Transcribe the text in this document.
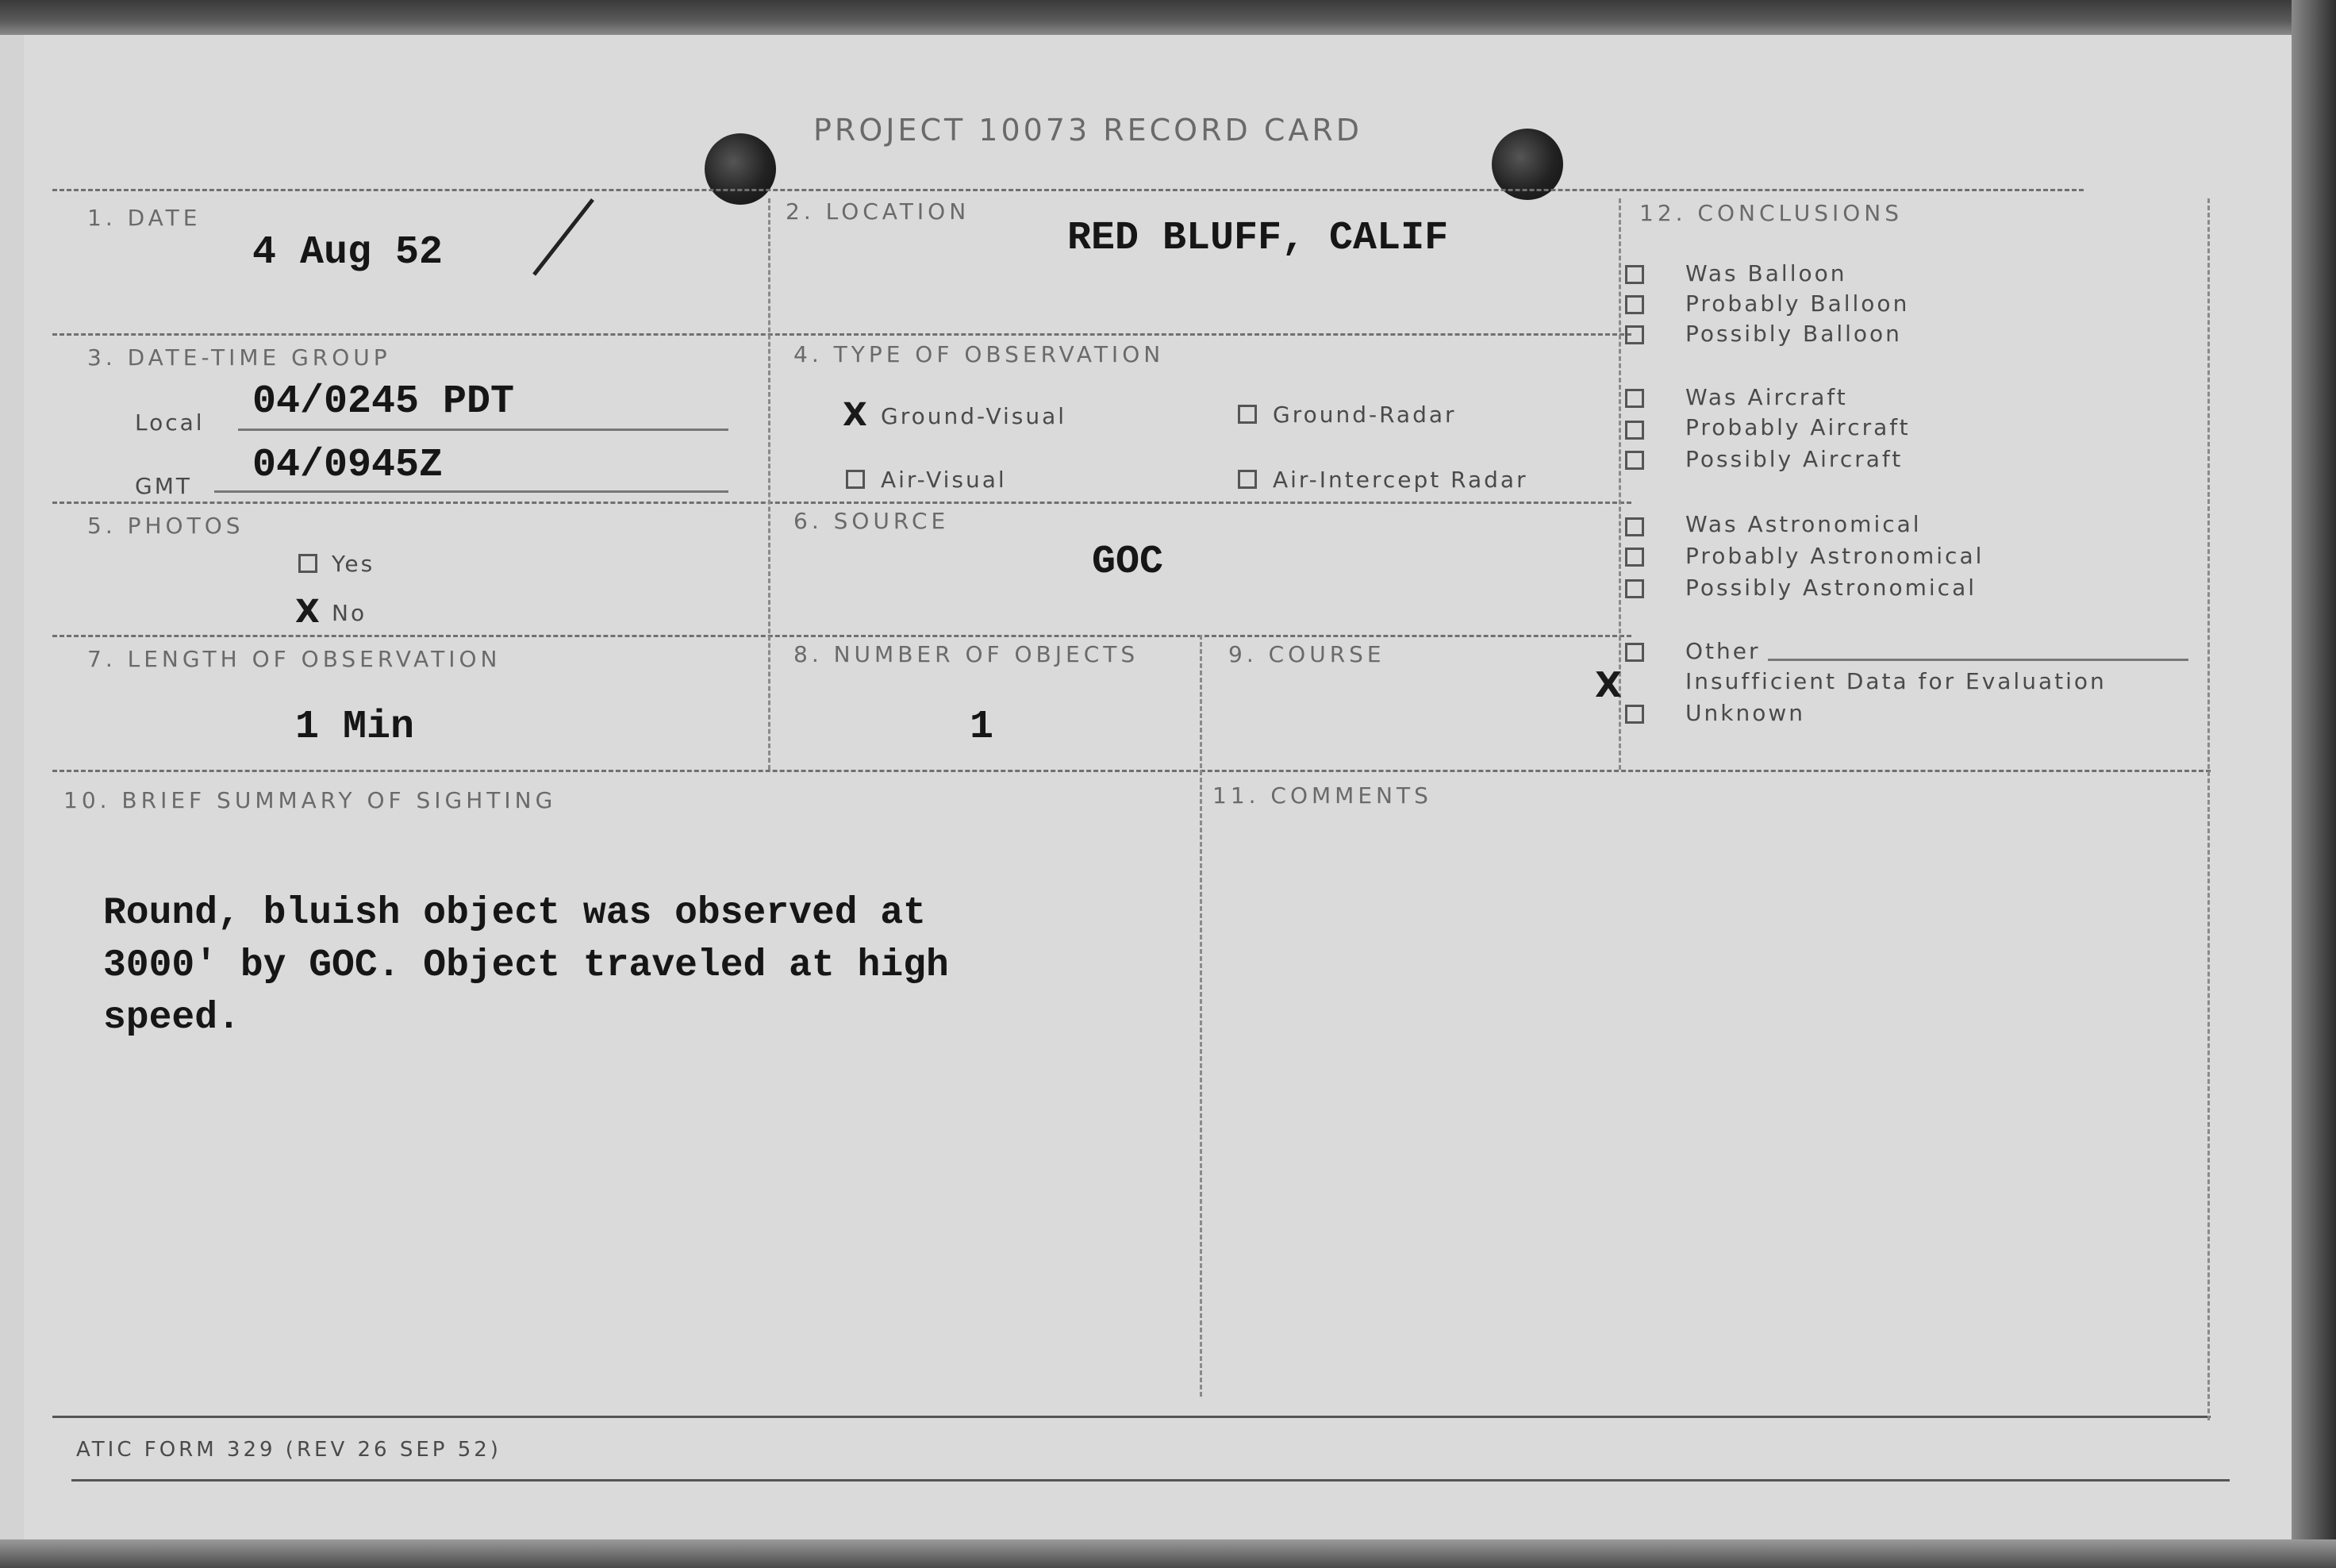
PROJECT 10073 RECORD CARD
1. DATE
4 Aug 52
2. LOCATION
RED BLUFF, CALIF
3. DATE-TIME GROUP
Local 04/0245 PDT
GMT 04/0945Z
4. TYPE OF OBSERVATION
X Ground-Visual	Ground-Radar
Air-Visual	Air-Intercept Radar
5. PHOTOS
Yes
X No
6. SOURCE
GOC
7. LENGTH OF OBSERVATION
1 Min
8. NUMBER OF OBJECTS
1
9. COURSE
10. BRIEF SUMMARY OF SIGHTING
Round, bluish object was observed at
3000' by GOC. Object traveled at high
speed.
11. COMMENTS
12. CONCLUSIONS
Was Balloon
Probably Balloon
Possibly Balloon
Was Aircraft
Probably Aircraft
Possibly Aircraft
Was Astronomical
Probably Astronomical
Possibly Astronomical
Other
X	Insufficient Data for Evaluation
Unknown
ATIC FORM 329 (REV 26 SEP 52)
